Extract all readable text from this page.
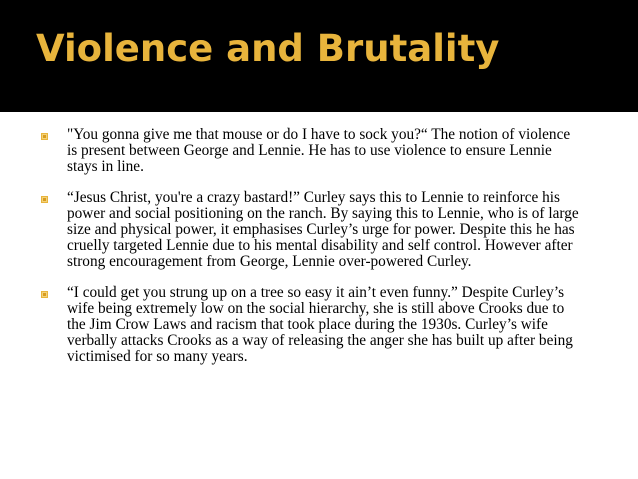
Violence and Brutality
"You gonna give me that mouse or do I have to sock you?“ The notion of violence is present between George and Lennie. He has to use violence to ensure Lennie stays in line.
“Jesus Christ, you're a crazy bastard!” Curley says this to Lennie to reinforce his power and social positioning on the ranch. By saying this to Lennie, who is of large size and physical power, it emphasises Curley’s urge for power. Despite this he has cruelly targeted Lennie due to his mental disability and self control. However after strong encouragement from George, Lennie over-powered Curley.
“I could get you strung up on a tree so easy it ain’t even funny.” Despite Curley’s wife being extremely low on the social hierarchy, she is still above Crooks due to the Jim Crow Laws and racism that took place during the 1930s. Curley’s wife verbally attacks Crooks as a way of releasing the anger she has built up after being victimised for so many years.
